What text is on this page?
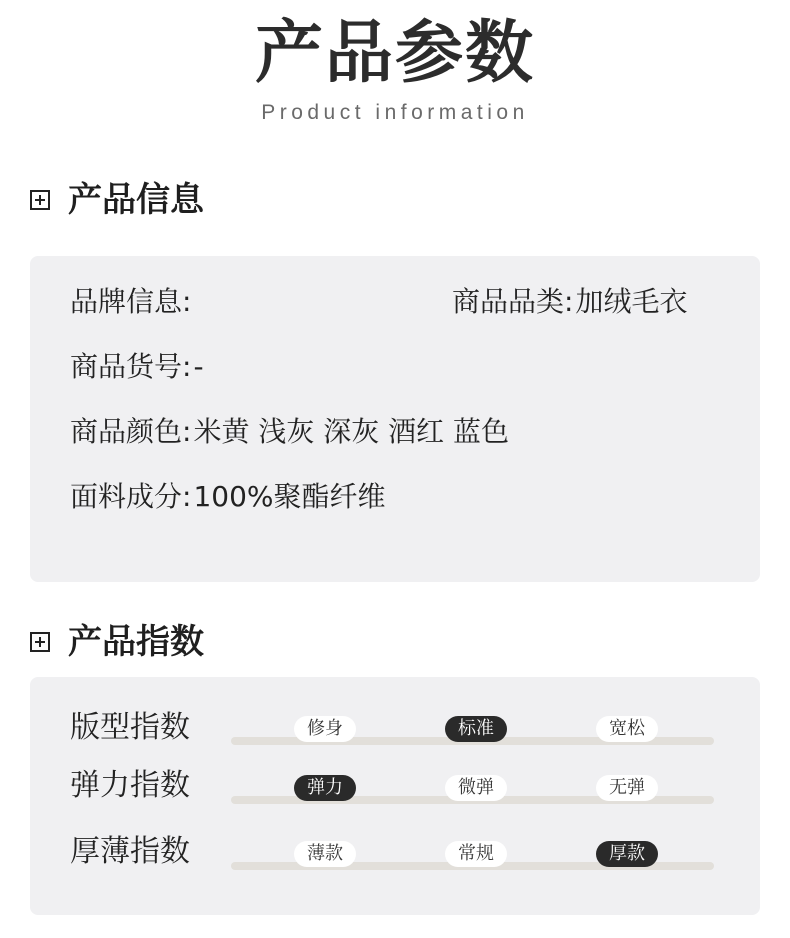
产品参数
Product information
产品信息
品牌信息:	商品品类:加绒毛衣
商品货号:-
商品颜色:米黄 浅灰 深灰 酒红 蓝色
面料成分:100%聚酯纤维
产品指数
版型指数	修身	标准	宽松
弹力指数	弹力	微弹	无弹
厚薄指数	薄款	常规	厚款
